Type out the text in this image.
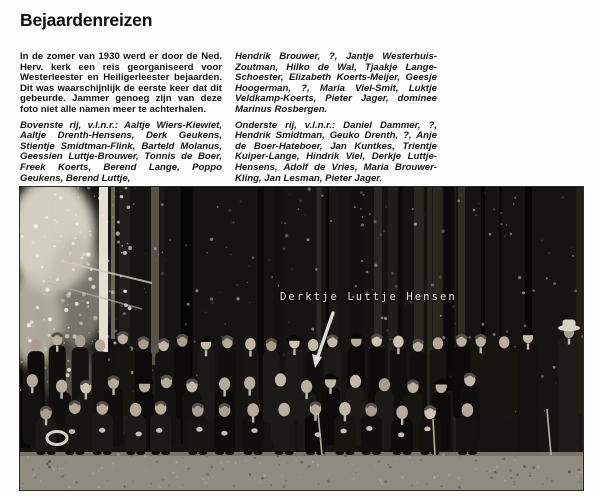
Bejaardenreizen

In de zomer van 1930 werd er door de Ned. Herv. kerk een reis georganiseerd voor Westerleester en Heiligerleester bejaarden. Dit was waarschijnlijk de eerste keer dat dit gebeurde. Jammer genoeg zijn van deze foto niet alle namen meer te achterhalen.

Bovenste rij, v.l.n.r.: Aaltje Wiers-Kiewiet, Aaltje Drenth-Hensens, Derk Geukens, Stientje Smidtman-Flink, Barteld Molanus, Geessien Luttje-Brouwer, Tonnis de Boer, Freek Koerts, Berend Lange, Poppo Geukens, Berend Luttje,

Hendrik Brouwer, ?, Jantje Westerhuis-Zoutman, Hilko de Wal, Tjaakje Lange-Schoester, Elizabeth Koerts-Meijer, Geesje Hoogerman, ?, Maria Viel-Smit, Luktje Veldkamp-Koerts, Pieter Jager, dominee Marinus Rosbergen.

Onderste rij, v.l.n.r.: Daniel Dammer, ?, Hendrik Smidtman, Geuko Drenth, ?, Anje de Boer-Hateboer, Jan Kuntkes, Trientje Kuiper-Lange, Hindrik Viel, Derkje Luttje-Hensens, Adolf de Vries, Maria Brouwer-Kling, Jan Lesman, Pieter Jager.

Derktje Luttje Hensen
